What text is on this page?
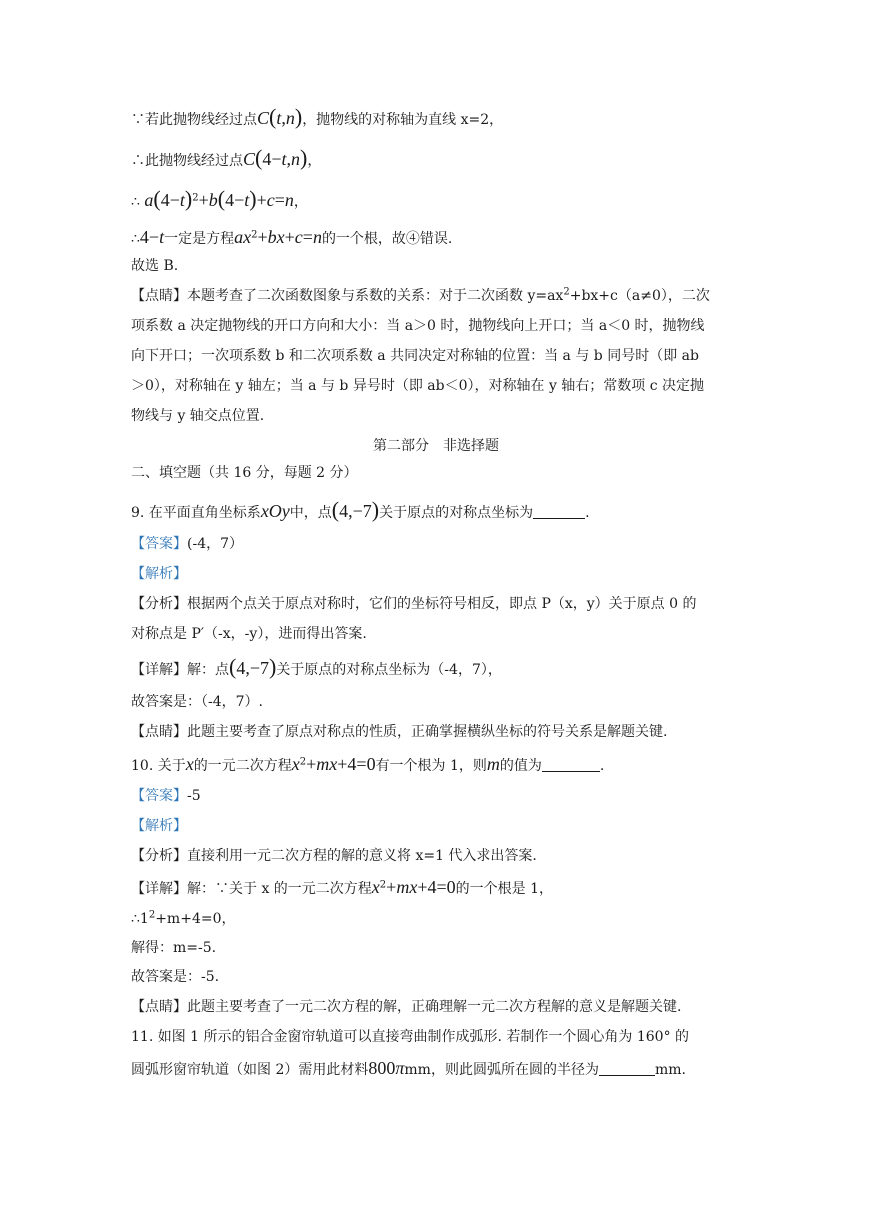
∵若此抛物线经过点C(t,n)，抛物线的对称轴为直线 x=2，
∴此抛物线经过点C(4−t,n)，
∴ $a(4-t)^2+b(4-t)+c=n$，
∴4−t一定是方程$ax^2+bx+c=n$的一个根，故④错误.
故选 B.
【点睛】本题考查了二次函数图象与系数的关系：对于二次函数 $y=ax^2+bx+c(a\ne 0)$，二次
项系数 a 决定抛物线的开口方向和大小：当 a＞0 时，抛物线向上开口；当 a＜0 时，抛物线
向下开口；一次项系数 b 和二次项系数 a 共同决定对称轴的位置：当 a 与 b 同号时（即 ab
＞0），对称轴在 y 轴左；当 a 与 b 异号时（即 ab＜0），对称轴在 y 轴右；常数项 c 决定抛
物线与 y 轴交点位置.
第二部分　非选择题
二、填空题（共 16 分，每题 2 分）
9. 在平面直角坐标系xOy中，点(4,−7)关于原点的对称点坐标为	.
【答案】(-4，7）
【解析】
【分析】根据两个点关于原点对称时，它们的坐标符号相反，即点 P（x，y）关于原点 0 的
对称点是 P′（-x，-y），进而得出答案.
【详解】解：点(4,−7)关于原点的对称点坐标为（-4，7），
故答案是：（-4，7）.
【点睛】此题主要考查了原点对称点的性质，正确掌握横纵坐标的符号关系是解题关键.
10. 关于x的一元二次方程$x^2+mx+4=0$有一个根为 1，则m的值为	.
【答案】-5
【解析】
【分析】直接利用一元二次方程的解的意义将 x=1 代入求出答案.
【详解】解：∵关于 x 的一元二次方程$x^2+mx+4=0$的一个根是 1，
$\therefore 1^2+m+4=0$，
解得：m=-5.
故答案是：-5.
【点睛】此题主要考查了一元二次方程的解，正确理解一元二次方程解的意义是解题关键.
11. 如图 1 所示的铝合金窗帘轨道可以直接弯曲制作成弧形. 若制作一个圆心角为 160° 的
圆弧形窗帘轨道（如图 2）需用此材料800πmm，则此圆弧所在圆的半径为	mm.
